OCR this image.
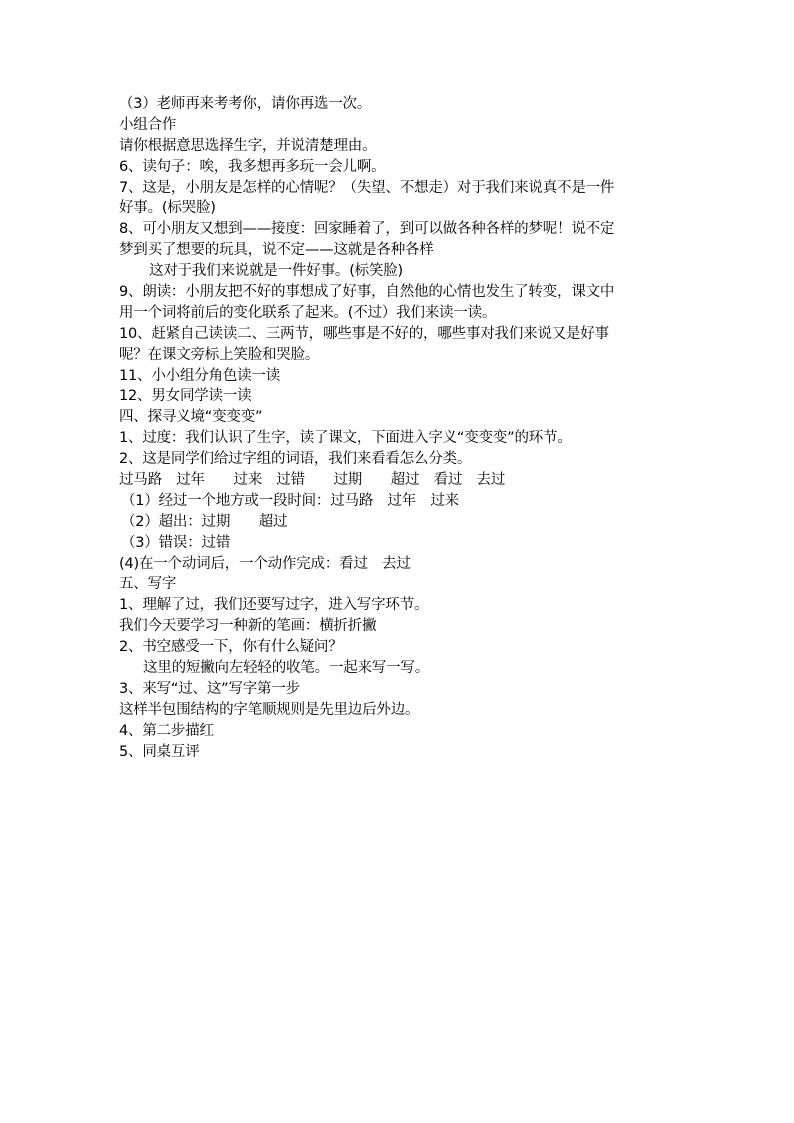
（3）老师再来考考你，请你再选一次。
小组合作
请你根据意思选择生字，并说清楚理由。
6、读句子：唉，我多想再多玩一会儿啊。
7、这是，小朋友是怎样的心情呢？（失望、不想走）对于我们来说真不是一件
好事。(标哭脸)
8、可小朋友又想到——接度：回家睡着了，到可以做各种各样的梦呢！说不定
梦到买了想要的玩具，说不定——这就是各种各样
这对于我们来说就是一件好事。(标笑脸)
9、朗读：小朋友把不好的事想成了好事，自然他的心情也发生了转变，课文中
用一个词将前后的变化联系了起来。(不过）我们来读一读。
10、赶紧自己读读二、三两节，哪些事是不好的，哪些事对我们来说又是好事
呢？在课文旁标上笑脸和哭脸。
11、小小组分角色读一读
12、男女同学读一读
四、探寻义境“变变变”
1、过度：我们认识了生字，读了课文，下面进入字义“变变变”的环节。
2、这是同学们给过字组的词语，我们来看看怎么分类。
过马路　过年　　过来　过错　　过期　　超过　看过　去过
（1）经过一个地方或一段时间：过马路　过年　过来
（2）超出：过期　　超过
（3）错误：过错
(4)在一个动词后，一个动作完成：看过　去过
五、写字
1、理解了过，我们还要写过字，进入写字环节。
我们今天要学习一种新的笔画：横折折撇
2、书空感受一下，你有什么疑问？
这里的短撇向左轻轻的收笔。一起来写一写。
3、来写“过、这”写字第一步
这样半包围结构的字笔顺规则是先里边后外边。
4、第二步描红
5、同桌互评
